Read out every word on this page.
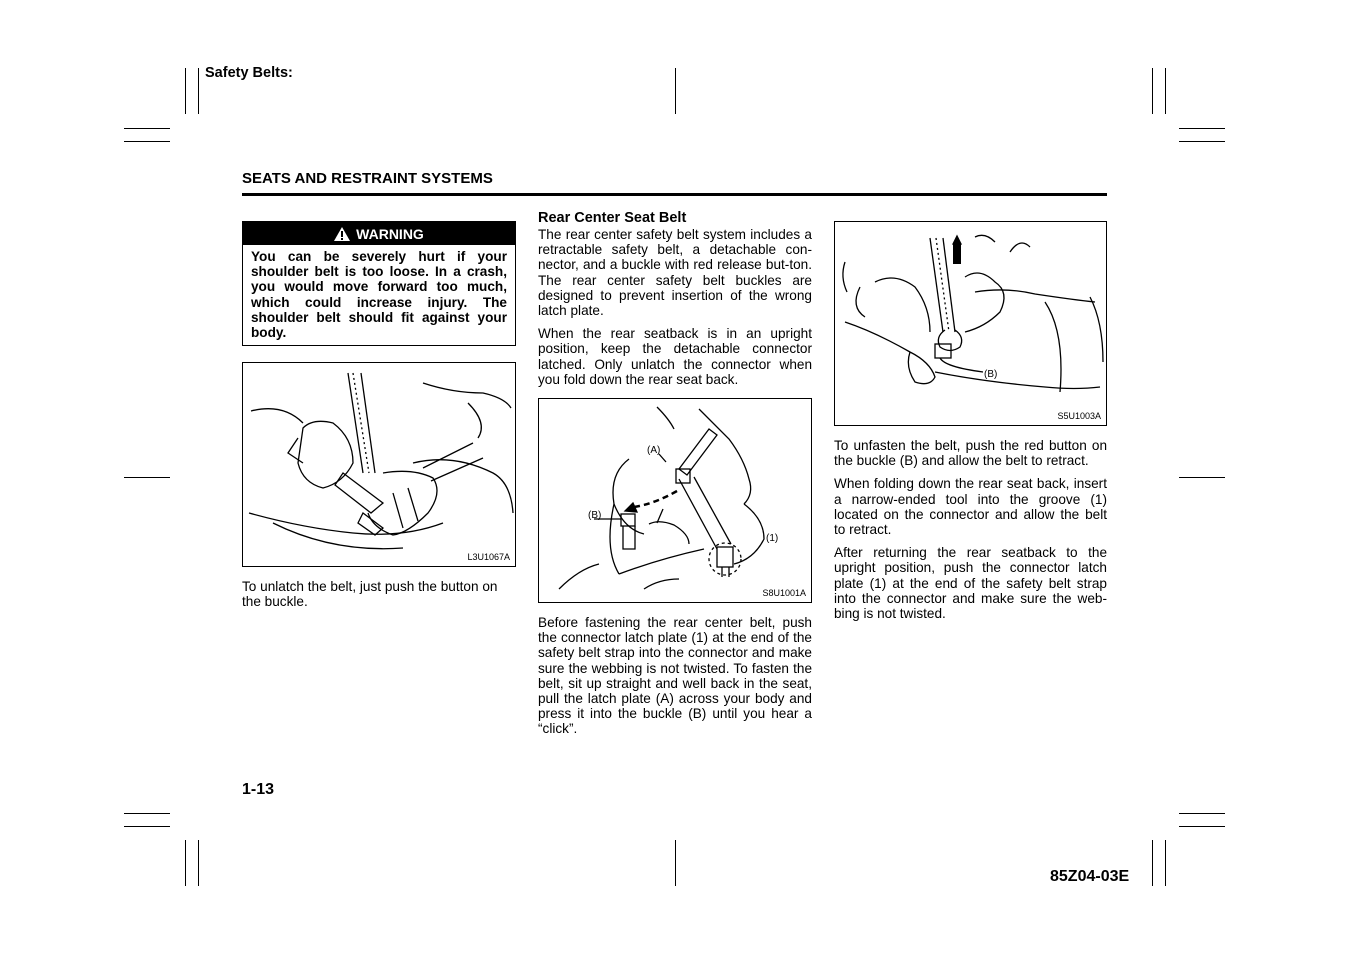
Safety Belts:
SEATS AND RESTRAINT SYSTEMS
WARNING
You can be severely hurt if your shoulder belt is too loose. In a crash, you would move forward too much, which could increase injury. The shoulder belt should fit against your body.
L3U1067A
To unlatch the belt, just push the button on the buckle.
Rear Center Seat Belt

The rear center safety belt system includes a retractable safety belt, a detachable con-nector, and a buckle with red release but-ton. The rear center safety belt buckles are designed to prevent insertion of the wrong latch plate.

When the rear seatback is in an upright position, keep the detachable connector latched. Only unlatch the connector when you fold down the rear seat back.

(A)
(B)
(1)
S8U1001A

Before fastening the rear center belt, push the connector latch plate (1) at the end of the safety belt strap into the connector and make sure the webbing is not twisted. To fasten the belt, sit up straight and well back in the seat, pull the latch plate (A) across your body and press it into the buckle (B) until you hear a “click”.

(B)
S5U1003A

To unfasten the belt, push the red button on the buckle (B) and allow the belt to retract.

When folding down the rear seat back, insert a narrow-ended tool into the groove (1) located on the connector and allow the belt to retract.

After returning the rear seatback to the upright position, push the connector latch plate (1) at the end of the safety belt strap into the connector and make sure the web-bing is not twisted.

1-13
85Z04-03E
